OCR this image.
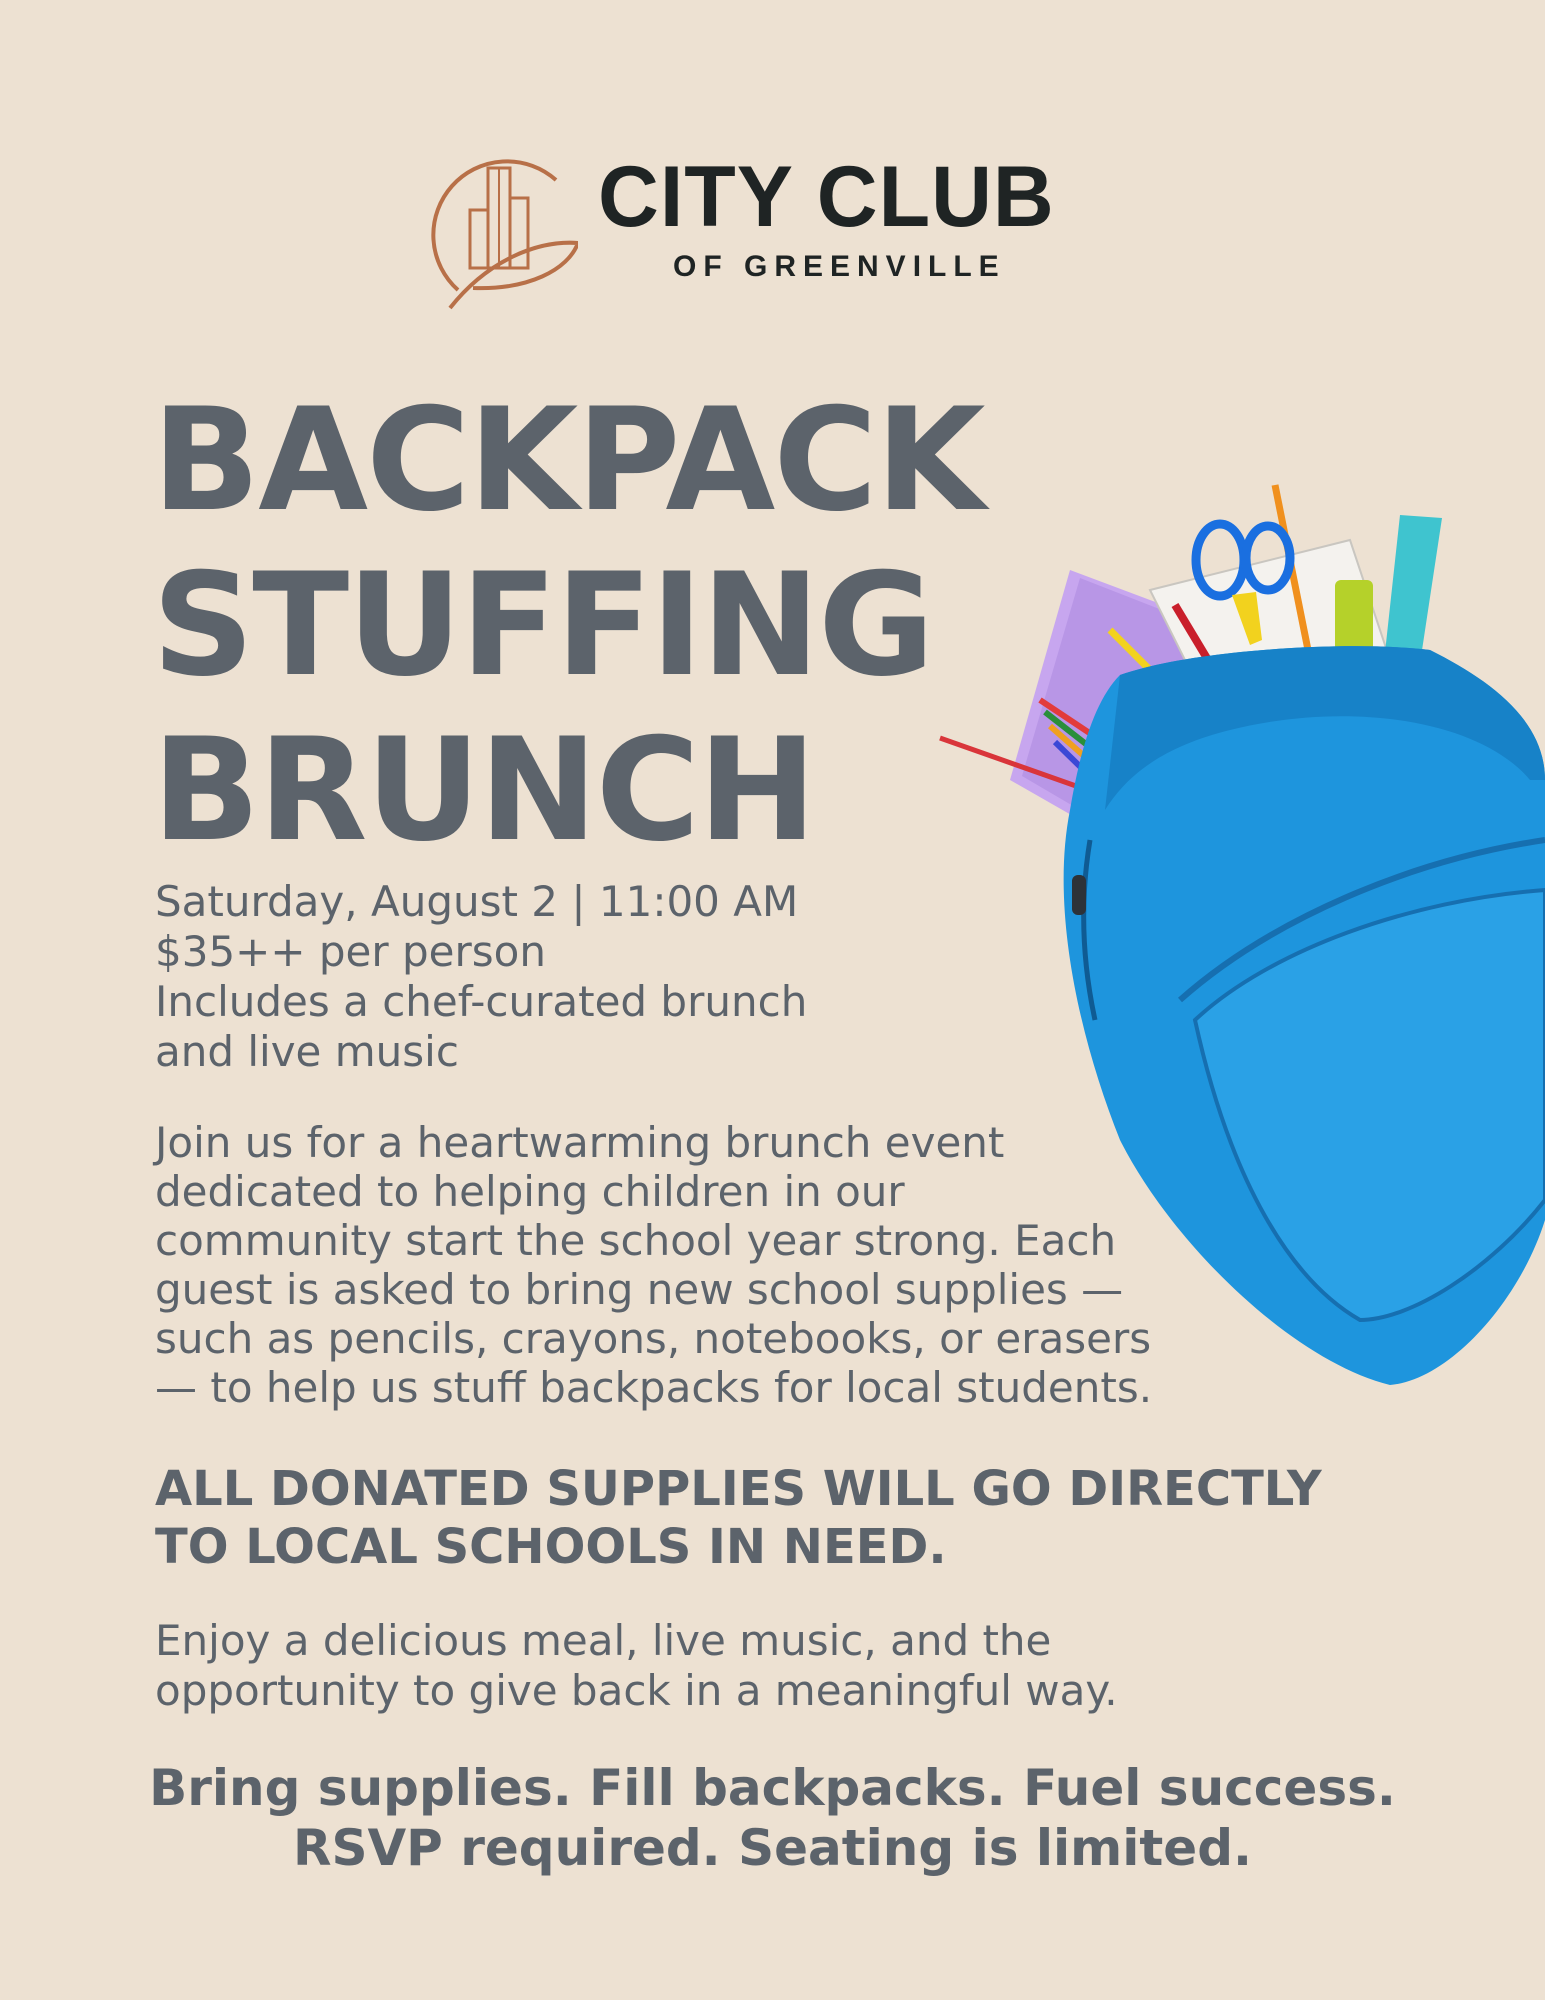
CITY CLUB
OF GREENVILLE
BACKPACK
STUFFING
BRUNCH
Saturday, August 2 | 11:00 AM
$35++ per person
Includes a chef-curated brunch
and live music
Join us for a heartwarming brunch event
dedicated to helping children in our
community start the school year strong. Each
guest is asked to bring new school supplies —
such as pencils, crayons, notebooks, or erasers
— to help us stuff backpacks for local students.
ALL DONATED SUPPLIES WILL GO DIRECTLY
TO LOCAL SCHOOLS IN NEED.
Enjoy a delicious meal, live music, and the
opportunity to give back in a meaningful way.
Bring supplies. Fill backpacks. Fuel success.
RSVP required. Seating is limited.
